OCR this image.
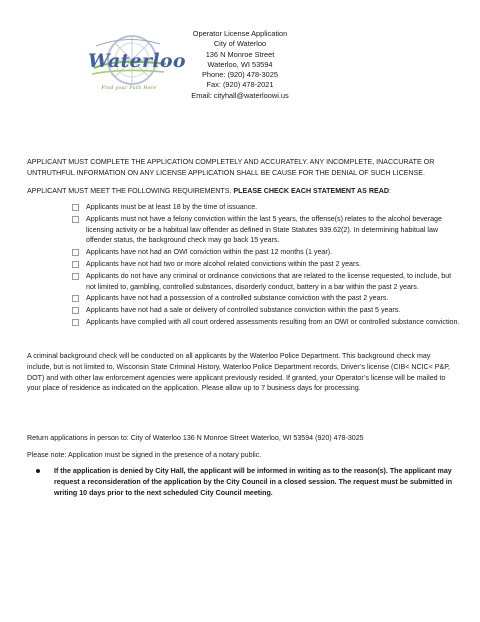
Waterloo
Find your Path Here
Operator License Application
City of Waterloo
136 N Monroe Street
Waterloo, WI 53594
Phone: (920) 478-3025
Fax: (920) 478-2021
Email: cityhall@waterloowi.us
APPLICANT MUST COMPLETE THE APPLICATION COMPLETELY AND ACCURATELY. ANY INCOMPLETE, INACCURATE OR UNTRUTHFUL INFORMATION ON ANY LICENSE APPLICATION SHALL BE CAUSE FOR THE DENIAL OF SUCH LICENSE.
APPLICANT MUST MEET THE FOLLOWING REQUIREMENTS. PLEASE CHECK EACH STATEMENT AS READ:
Applicants must be at least 18 by the time of issuance.
Applicants must not have a felony conviction within the last 5 years, the offense(s) relates to the alcohol beverage licensing activity or be a habitual law offender as defined in State Statutes 939.62(2). In determining habitual law offender status, the background check may go back 15 years.
Applicants have not had an OWI conviction within the past 12 months (1 year).
Applicants have not had two or more alcohol related convictions within the past 2 years.
Applicants do not have any criminal or ordinance convictions that are related to the license requested, to include, but not limited to, gambling, controlled substances, disorderly conduct, battery in a bar within the past 2 years.
Applicants have not had a possession of a controlled substance conviction with the past 2 years.
Applicants have not had a sale or delivery of controlled substance conviction within the past 5 years.
Applicants have complied with all court ordered assessments resulting from an OWI or controlled substance conviction.
A criminal background check will be conducted on all applicants by the Waterloo Police Department. This background check may include, but is not limited to, Wisconsin State Criminal History, Waterloo Police Department records, Driver’s license (CIB< NCIC< P&P, DOT) and with other law enforcement agencies were applicant previously resided. If granted, your Operator’s license will be mailed to your place of residence as indicated on the application. Please allow up to 7 business days for processing.
Return applications in person to: City of Waterloo 136 N Monroe Street Waterloo, WI 53594 (920) 478-3025
Please note: Application must be signed in the presence of a notary public.
If the application is denied by City Hall, the applicant will be informed in writing as to the reason(s). The applicant may request a reconsideration of the application by the City Council in a closed session. The request must be submitted in writing 10 days prior to the next scheduled City Council meeting.
